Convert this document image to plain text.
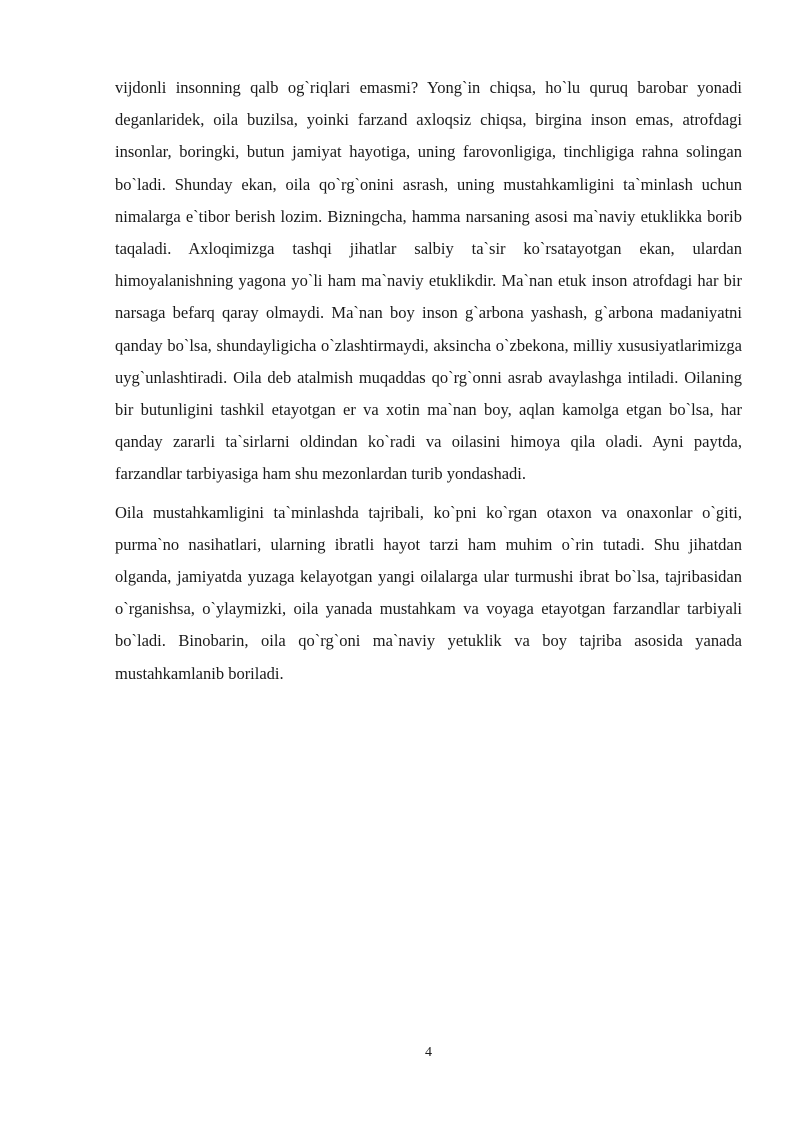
vijdonli insonning qalb og`riqlari emasmi? Yong`in chiqsa, ho`lu quruq barobar yonadi deganlaridek, oila buzilsa, yoinki farzand axloqsiz chiqsa, birgina inson emas, atrofdagi insonlar, boringki, butun jamiyat hayotiga, uning farovonligiga, tinchligiga rahna solingan bo`ladi. Shunday ekan, oila qo`rg`onini asrash, uning mustahkamligini ta`minlash uchun nimalarga e`tibor berish lozim. Bizningcha, hamma narsaning asosi ma`naviy etuklikka borib taqaladi. Axloqimizga tashqi jihatlar salbiy ta`sir ko`rsatayotgan ekan, ulardan himoyalanishning yagona yo`li ham ma`naviy etuklikdir. Ma`nan etuk inson atrofdagi har bir narsaga befarq qaray olmaydi. Ma`nan boy inson g`arbona yashash, g`arbona madaniyatni qanday bo`lsa, shundayligicha o`zlashtirmaydi, aksincha o`zbekona, milliy xususiyatlarimizga uyg`unlashtiradi. Oila deb atalmish muqaddas qo`rg`onni asrab avaylashga intiladi. Oilaning bir butunligini tashkil etayotgan er va xotin ma`nan boy, aqlan kamolga etgan bo`lsa, har qanday zararli ta`sirlarni oldindan ko`radi va oilasini himoya qila oladi. Ayni paytda, farzandlar tarbiyasiga ham shu mezonlardan turib yondashadi.

Oila mustahkamligini ta`minlashda tajribali, ko`pni ko`rgan otaxon va onaxonlar o`giti, purma`no nasihatlari, ularning ibratli hayot tarzi ham muhim o`rin tutadi. Shu jihatdan olganda, jamiyatda yuzaga kelayotgan yangi oilalarga ular turmushi ibrat bo`lsa, tajribasidan o`rganishsa, o`ylaymizki, oila yanada mustahkam va voyaga etayotgan farzandlar tarbiyali bo`ladi. Binobarin, oila qo`rg`oni ma`naviy yetuklik va boy tajriba asosida yanada mustahkamlanib boriladi.

4
